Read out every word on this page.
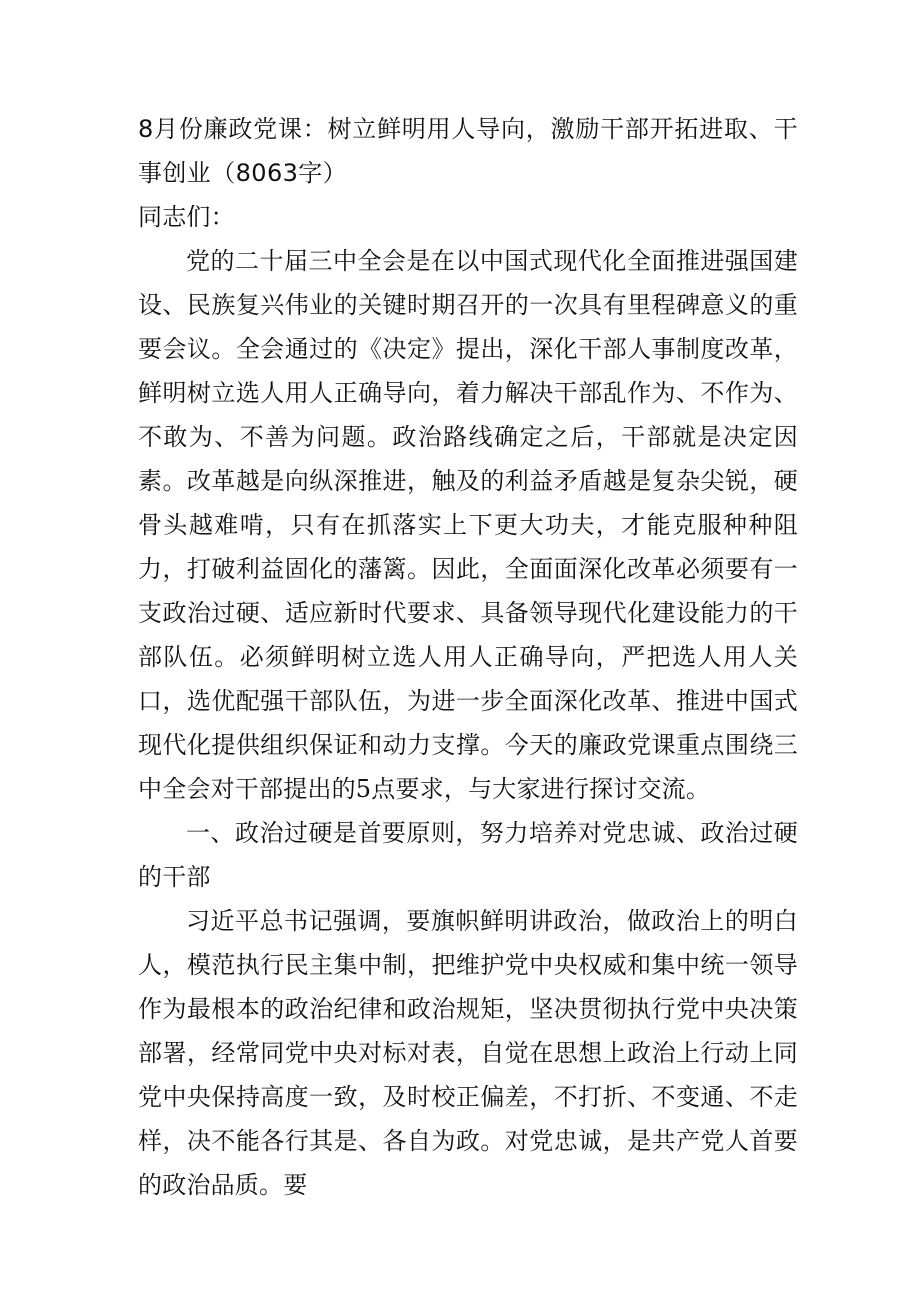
8月份廉政党课：树立鲜明用人导向，激励干部开拓进取、干事创业（8063字）

同志们：

党的二十届三中全会是在以中国式现代化全面推进强国建设、民族复兴伟业的关键时期召开的一次具有里程碑意义的重要会议。全会通过的《决定》提出，深化干部人事制度改革，鲜明树立选人用人正确导向，着力解决干部乱作为、不作为、不敢为、不善为问题。政治路线确定之后，干部就是决定因素。改革越是向纵深推进，触及的利益矛盾越是复杂尖锐，硬骨头越难啃，只有在抓落实上下更大功夫，才能克服种种阻力，打破利益固化的藩篱。因此，全面面深化改革必须要有一支政治过硬、适应新时代要求、具备领导现代化建设能力的干部队伍。必须鲜明树立选人用人正确导向，严把选人用人关口，选优配强干部队伍，为进一步全面深化改革、推进中国式现代化提供组织保证和动力支撑。今天的廉政党课重点围绕三中全会对干部提出的5点要求，与大家进行探讨交流。

一、政治过硬是首要原则，努力培养对党忠诚、政治过硬的干部

习近平总书记强调，要旗帜鲜明讲政治，做政治上的明白人，模范执行民主集中制，把维护党中央权威和集中统一领导作为最根本的政治纪律和政治规矩，坚决贯彻执行党中央决策部署，经常同党中央对标对表，自觉在思想上政治上行动上同党中央保持高度一致，及时校正偏差，不打折、不变通、不走样，决不能各行其是、各自为政。对党忠诚，是共产党人首要的政治品质。要
